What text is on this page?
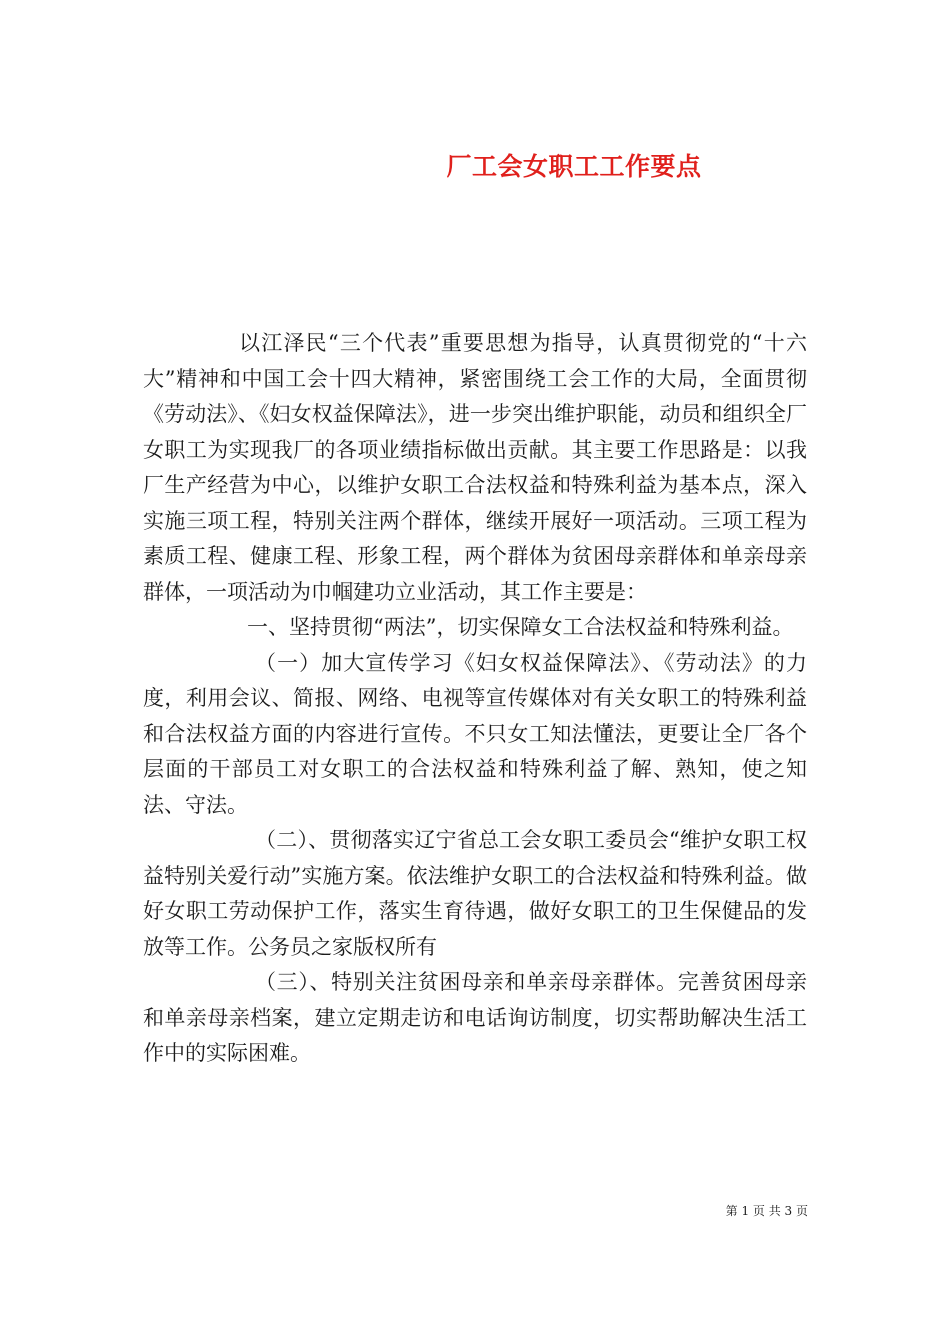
厂工会女职工工作要点

以江泽民“三个代表”重要思想为指导，认真贯彻党的“十六大”精神和中国工会十四大精神，紧密围绕工会工作的大局，全面贯彻《劳动法》、《妇女权益保障法》，进一步突出维护职能，动员和组织全厂女职工为实现我厂的各项业绩指标做出贡献。其主要工作思路是：以我厂生产经营为中心，以维护女职工合法权益和特殊利益为基本点，深入实施三项工程，特别关注两个群体，继续开展好一项活动。三项工程为素质工程、健康工程、形象工程，两个群体为贫困母亲群体和单亲母亲群体，一项活动为巾帼建功立业活动，其工作主要是：

一、坚持贯彻“两法”，切实保障女工合法权益和特殊利益。

（一）加大宣传学习《妇女权益保障法》、《劳动法》的力度，利用会议、简报、网络、电视等宣传媒体对有关女职工的特殊利益和合法权益方面的内容进行宣传。不只女工知法懂法，更要让全厂各个层面的干部员工对女职工的合法权益和特殊利益了解、熟知，使之知法、守法。

（二）、贯彻落实辽宁省总工会女职工委员会“维护女职工权益特别关爱行动”实施方案。依法维护女职工的合法权益和特殊利益。做好女职工劳动保护工作，落实生育待遇，做好女职工的卫生保健品的发放等工作。公务员之家版权所有

（三）、特别关注贫困母亲和单亲母亲群体。完善贫困母亲和单亲母亲档案，建立定期走访和电话询访制度，切实帮助解决生活工作中的实际困难。

第 1 页 共 3 页
